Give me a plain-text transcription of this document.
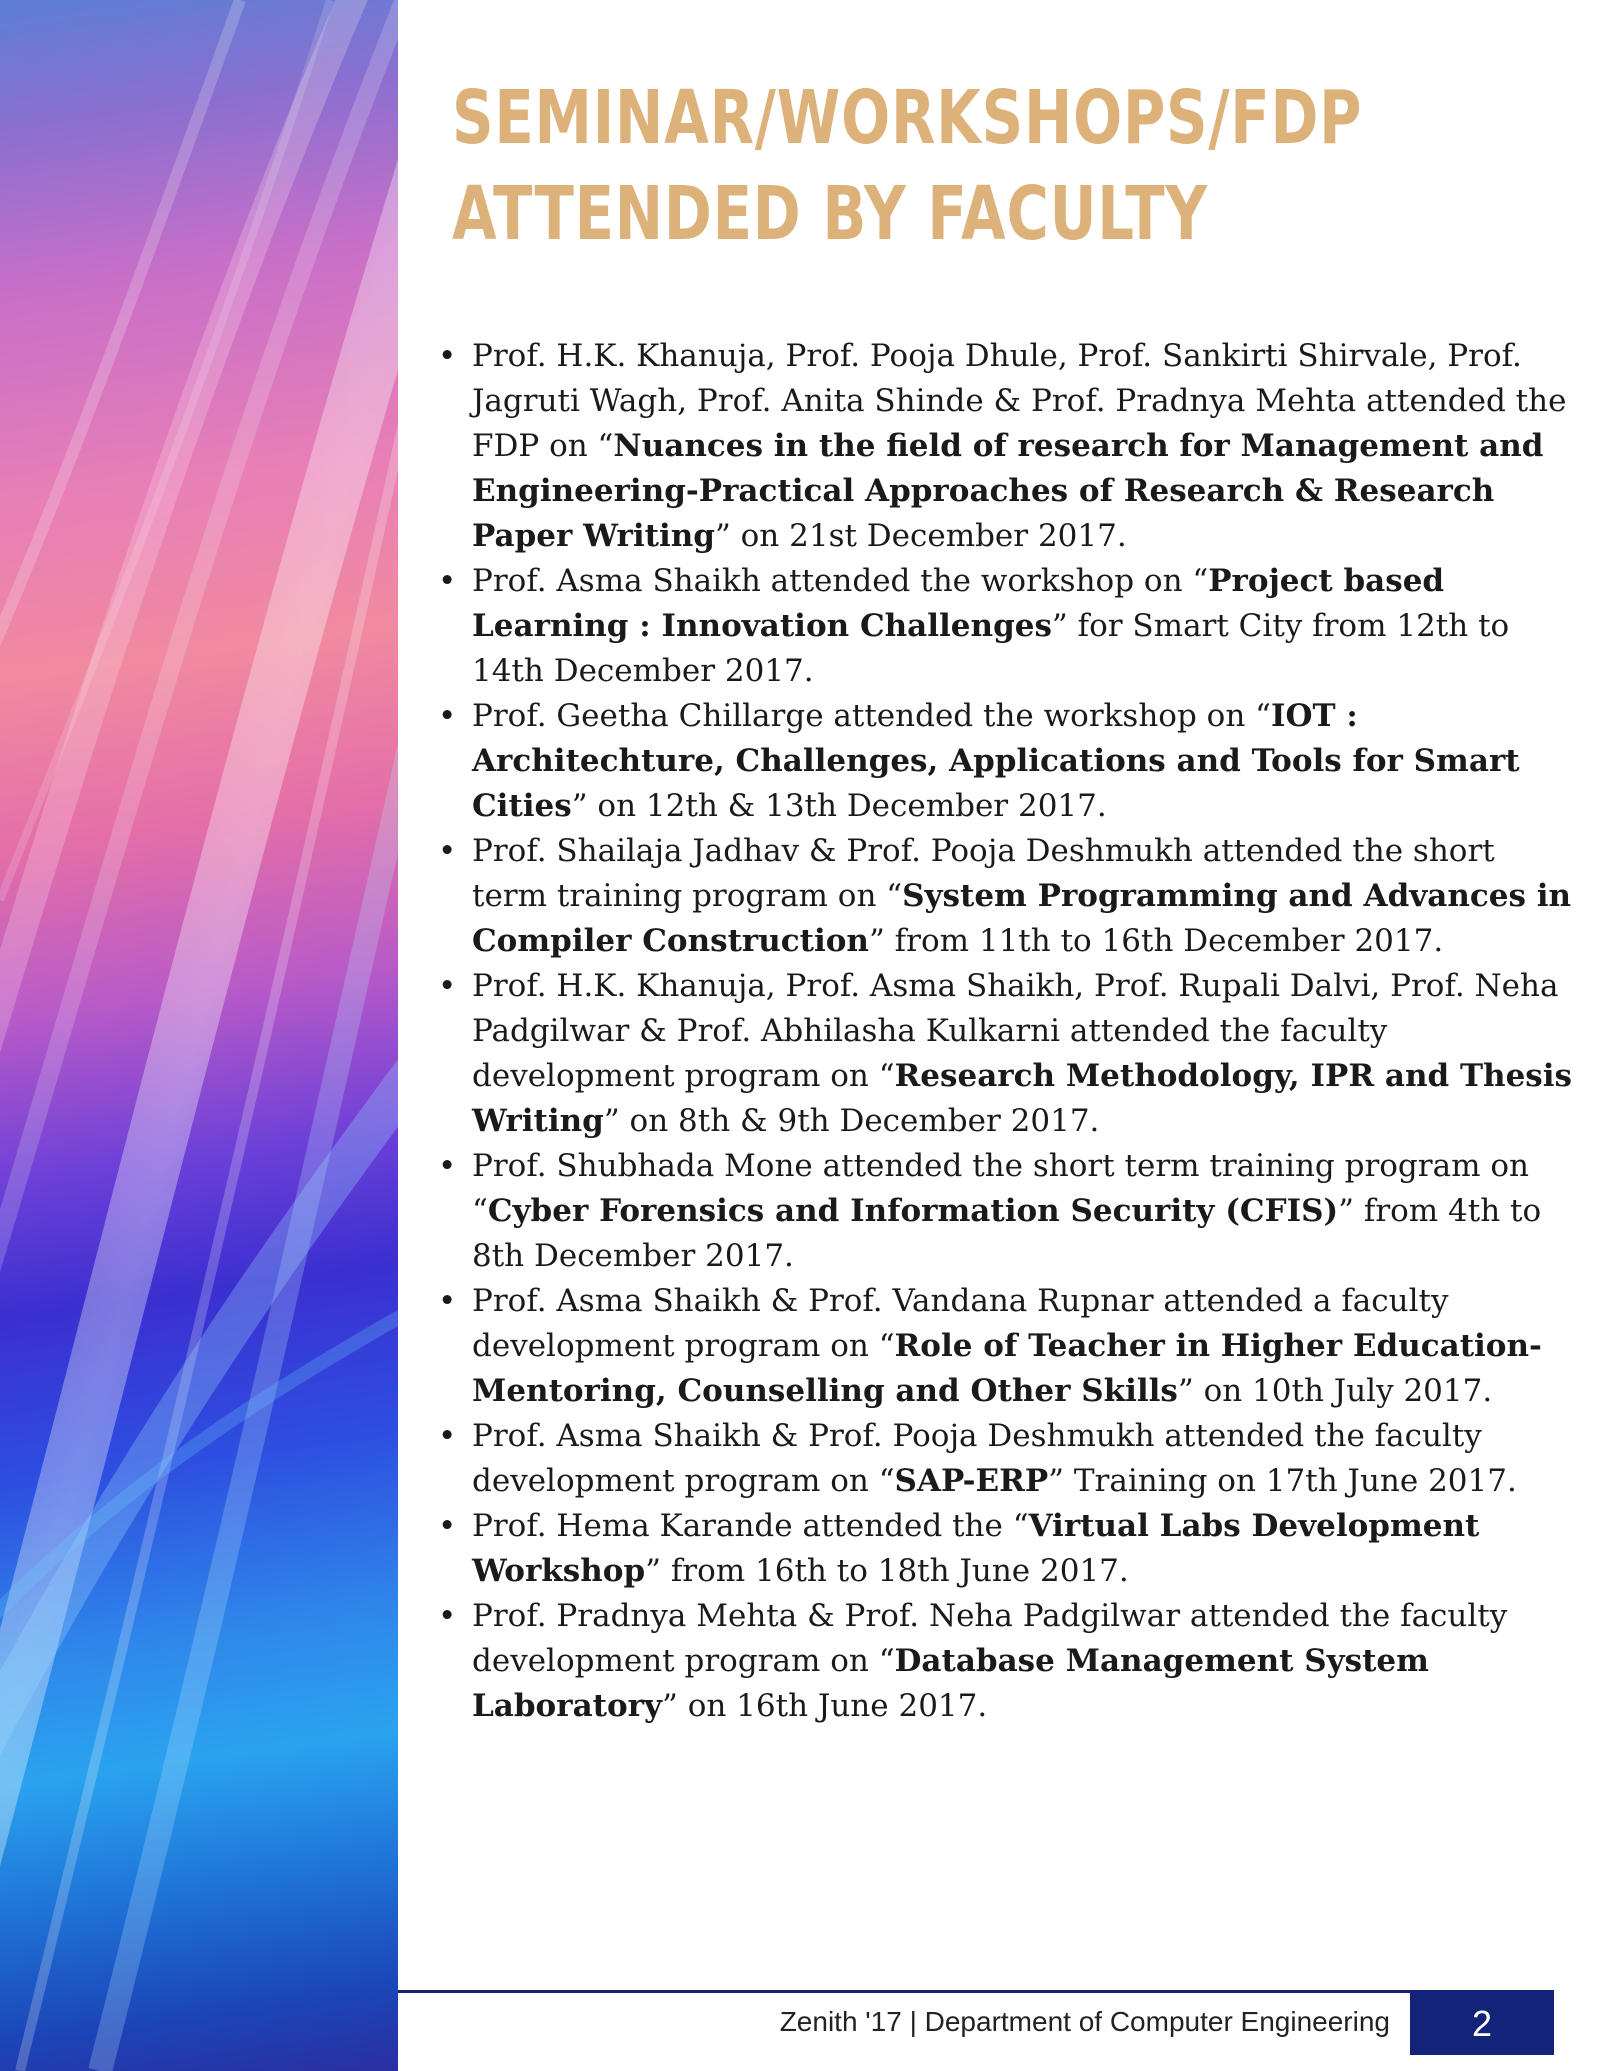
SEMINAR/WORKSHOPS/FDP
ATTENDED BY FACULTY
• Prof. H.K. Khanuja, Prof. Pooja Dhule, Prof. Sankirti Shirvale, Prof. Jagruti Wagh, Prof. Anita Shinde & Prof. Pradnya Mehta attended the FDP on “Nuances in the field of research for Management and Engineering-Practical Approaches of Research & Research Paper Writing” on 21st December 2017.
• Prof. Asma Shaikh attended the workshop on “Project based Learning : Innovation Challenges” for Smart City from 12th to 14th December 2017.
• Prof. Geetha Chillarge attended the workshop on “IOT : Architechture, Challenges, Applications and Tools for Smart Cities” on 12th & 13th December 2017.
• Prof. Shailaja Jadhav & Prof. Pooja Deshmukh attended the short term training program on “System Programming and Advances in Compiler Construction” from 11th to 16th December 2017.
• Prof. H.K. Khanuja, Prof. Asma Shaikh, Prof. Rupali Dalvi, Prof. Neha Padgilwar & Prof. Abhilasha Kulkarni attended the faculty development program on “Research Methodology, IPR and Thesis Writing” on 8th & 9th December 2017.
• Prof. Shubhada Mone attended the short term training program on “Cyber Forensics and Information Security (CFIS)” from 4th to 8th December 2017.
• Prof. Asma Shaikh & Prof. Vandana Rupnar attended a faculty development program on “Role of Teacher in Higher Education-Mentoring, Counselling and Other Skills” on 10th July 2017.
• Prof. Asma Shaikh & Prof. Pooja Deshmukh attended the faculty development program on “SAP-ERP” Training on 17th June 2017.
• Prof. Hema Karande attended the “Virtual Labs Development Workshop” from 16th to 18th June 2017.
• Prof. Pradnya Mehta & Prof. Neha Padgilwar attended the faculty development program on “Database Management System Laboratory” on 16th June 2017.
Zenith '17 | Department of Computer Engineering	2
